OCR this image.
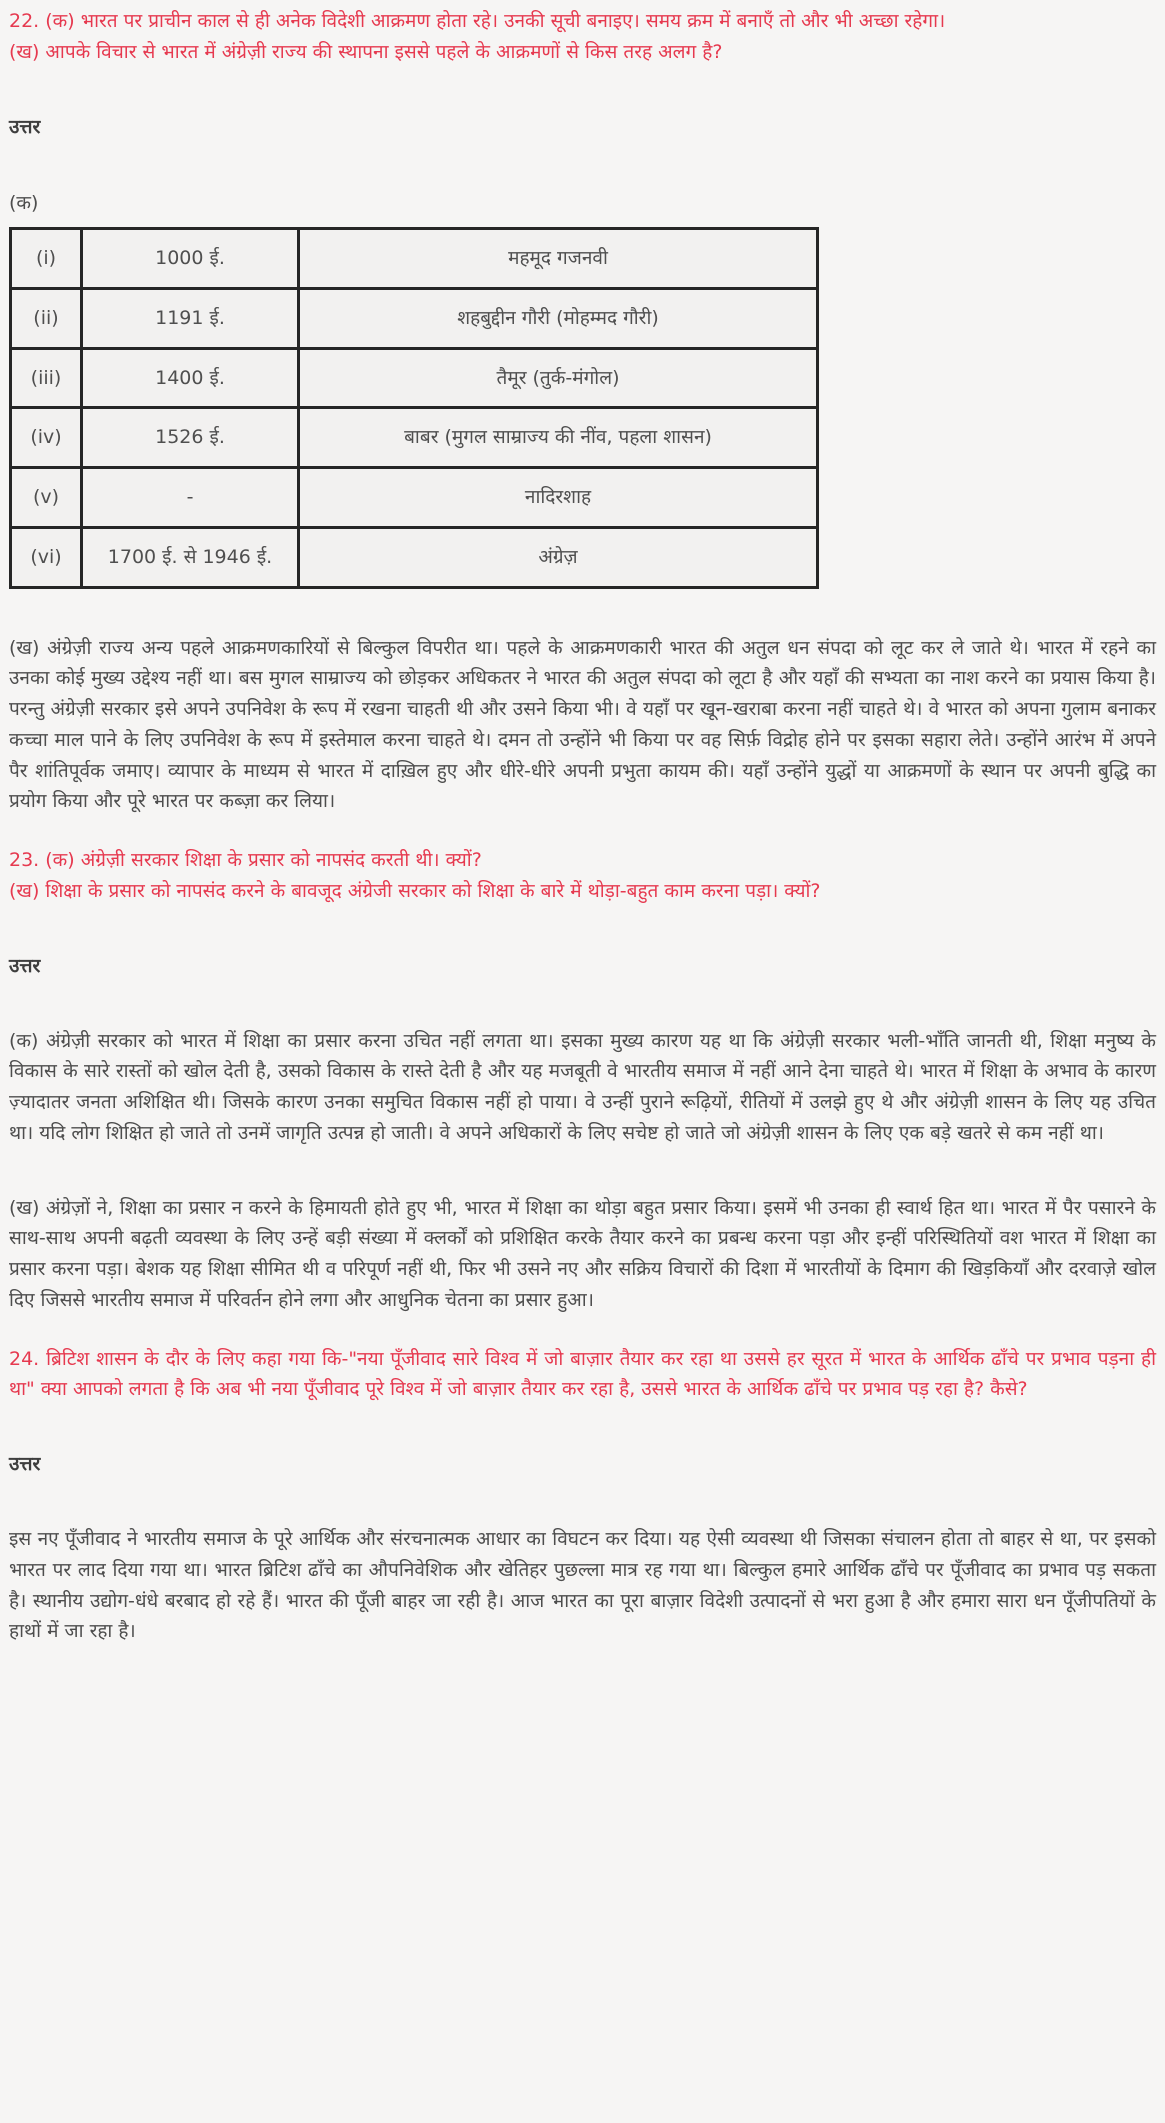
22. (क) भारत पर प्राचीन काल से ही अनेक विदेशी आक्रमण होता रहे। उनकी सूची बनाइए। समय क्रम में बनाएँ तो और भी अच्छा रहेगा।

(ख) आपके विचार से भारत में अंग्रेज़ी राज्य की स्थापना इससे पहले के आक्रमणों से किस तरह अलग है?

उत्तर

(क)

(i)	1000 ई.	महमूद गजनवी
(ii)	1191 ई.	शहबुद्दीन गौरी (मोहम्मद गौरी)
(iii)	1400 ई.	तैमूर (तुर्क-मंगोल)
(iv)	1526 ई.	बाबर (मुगल साम्राज्य की नींव, पहला शासन)
(v)	-	नादिरशाह
(vi)	1700 ई. से 1946 ई.	अंग्रेज़

(ख) अंग्रेज़ी राज्य अन्य पहले आक्रमणकारियों से बिल्कुल विपरीत था। पहले के आक्रमणकारी भारत की अतुल धन संपदा को लूट कर ले जाते थे। भारत में रहने का उनका कोई मुख्य उद्देश्य नहीं था। बस मुगल साम्राज्य को छोड़कर अधिकतर ने भारत की अतुल संपदा को लूटा है और यहाँ की सभ्यता का नाश करने का प्रयास किया है। परन्तु अंग्रेज़ी सरकार इसे अपने उपनिवेश के रूप में रखना चाहती थी और उसने किया भी। वे यहाँ पर खून-खराबा करना नहीं चाहते थे। वे भारत को अपना गुलाम बनाकर कच्चा माल पाने के लिए उपनिवेश के रूप में इस्तेमाल करना चाहते थे। दमन तो उन्होंने भी किया पर वह सिर्फ़ विद्रोह होने पर इसका सहारा लेते। उन्होंने आरंभ में अपने पैर शांतिपूर्वक जमाए। व्यापार के माध्यम से भारत में दाख़िल हुए और धीरे-धीरे अपनी प्रभुता कायम की। यहाँ उन्होंने युद्धों या आक्रमणों के स्थान पर अपनी बुद्धि का प्रयोग किया और पूरे भारत पर कब्ज़ा कर लिया।

23. (क) अंग्रेज़ी सरकार शिक्षा के प्रसार को नापसंद करती थी। क्यों?

(ख) शिक्षा के प्रसार को नापसंद करने के बावजूद अंग्रेजी सरकार को शिक्षा के बारे में थोड़ा-बहुत काम करना पड़ा। क्यों?

उत्तर

(क) अंग्रेज़ी सरकार को भारत में शिक्षा का प्रसार करना उचित नहीं लगता था। इसका मुख्य कारण यह था कि अंग्रेज़ी सरकार भली-भाँति जानती थी, शिक्षा मनुष्य के विकास के सारे रास्तों को खोल देती है, उसको विकास के रास्ते देती है और यह मजबूती वे भारतीय समाज में नहीं आने देना चाहते थे। भारत में शिक्षा के अभाव के कारण ज़्यादातर जनता अशिक्षित थी। जिसके कारण उनका समुचित विकास नहीं हो पाया। वे उन्हीं पुराने रूढ़ियों, रीतियों में उलझे हुए थे और अंग्रेज़ी शासन के लिए यह उचित था। यदि लोग शिक्षित हो जाते तो उनमें जागृति उत्पन्न हो जाती। वे अपने अधिकारों के लिए सचेष्ट हो जाते जो अंग्रेज़ी शासन के लिए एक बड़े खतरे से कम नहीं था।

(ख) अंग्रेज़ों ने, शिक्षा का प्रसार न करने के हिमायती होते हुए भी, भारत में शिक्षा का थोड़ा बहुत प्रसार किया। इसमें भी उनका ही स्वार्थ हित था। भारत में पैर पसारने के साथ-साथ अपनी बढ़ती व्यवस्था के लिए उन्हें बड़ी संख्या में क्लर्कों को प्रशिक्षित करके तैयार करने का प्रबन्ध करना पड़ा और इन्हीं परिस्थितियों वश भारत में शिक्षा का प्रसार करना पड़ा। बेशक यह शिक्षा सीमित थी व परिपूर्ण नहीं थी, फिर भी उसने नए और सक्रिय विचारों की दिशा में भारतीयों के दिमाग की खिड़कियाँ और दरवाज़े खोल दिए जिससे भारतीय समाज में परिवर्तन होने लगा और आधुनिक चेतना का प्रसार हुआ।

24. ब्रिटिश शासन के दौर के लिए कहा गया कि-"नया पूँजीवाद सारे विश्व में जो बाज़ार तैयार कर रहा था उससे हर सूरत में भारत के आर्थिक ढाँचे पर प्रभाव पड़ना ही था" क्या आपको लगता है कि अब भी नया पूँजीवाद पूरे विश्व में जो बाज़ार तैयार कर रहा है, उससे भारत के आर्थिक ढाँचे पर प्रभाव पड़ रहा है? कैसे?

उत्तर

इस नए पूँजीवाद ने भारतीय समाज के पूरे आर्थिक और संरचनात्मक आधार का विघटन कर दिया। यह ऐसी व्यवस्था थी जिसका संचालन होता तो बाहर से था, पर इसको भारत पर लाद दिया गया था। भारत ब्रिटिश ढाँचे का औपनिवेशिक और खेतिहर पुछल्ला मात्र रह गया था। बिल्कुल हमारे आर्थिक ढाँचे पर पूँजीवाद का प्रभाव पड़ सकता है। स्थानीय उद्योग-धंधे बरबाद हो रहे हैं। भारत की पूँजी बाहर जा रही है। आज भारत का पूरा बाज़ार विदेशी उत्पादनों से भरा हुआ है और हमारा सारा धन पूँजीपतियों के हाथों में जा रहा है।
